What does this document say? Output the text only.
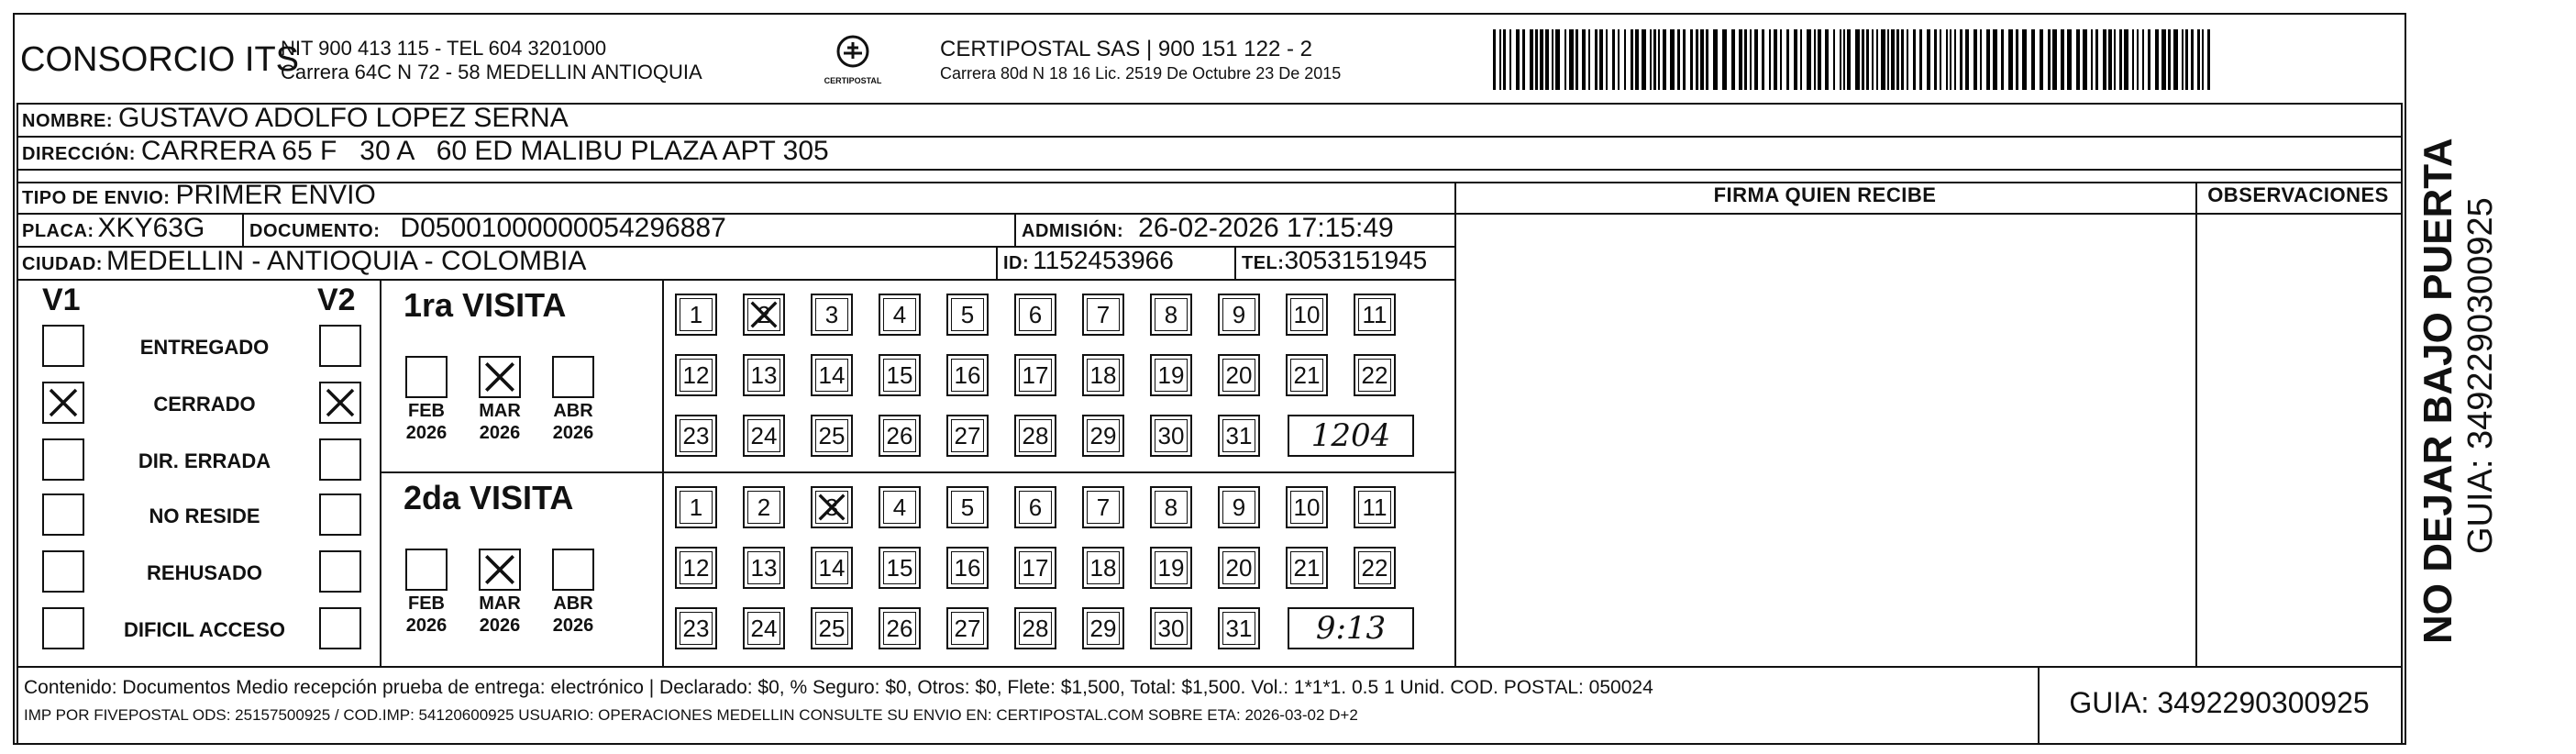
CONSORCIO ITS
NIT 900 413 115 - TEL 604 3201000
Carrera 64C N 72 - 58 MEDELLIN ANTIOQUIA	CERTIPOSTAL
CERTIPOSTAL SAS | 900 151 122 - 2
Carrera 80d N 18 16 Lic. 2519 De Octubre 23 De 2015
NOMBRE: GUSTAVO ADOLFO LOPEZ SERNA
DIRECCIÓN: CARRERA 65 F   30 A   60 ED MALIBU PLAZA APT 305
TIPO DE ENVIO: PRIMER ENVIO
PLACA: XKY63G DOCUMENTO: D05001000000054296887	ADMISIÓN: 26-02-2026 17:15:49
CIUDAD: MEDELLIN - ANTIOQUIA - COLOMBIA	ID: 1152453966	TEL: 3053151945
FIRMA QUIEN RECIBE	OBSERVACIONES
V1	V2
ENTREGADO
CERRADO
DIR. ERRADA
NO RESIDE
REHUSADO
DIFICIL ACCESO
1ra VISITA
FEB
2026
MAR
2026
ABR
2026
1 2 3 4 5 6 7 8 9 10 11
12 13 14 15 16 17 18 19 20 21 22
23 24 25 26 27 28 29 30 31	1204
2da VISITA
FEB
2026
MAR
2026
ABR
2026
1 2 3 4 5 6 7 8 9 10 11
12 13 14 15 16 17 18 19 20 21 22
23 24 25 26 27 28 29 30 31	9:13
Contenido: Documentos Medio recepción prueba de entrega: electrónico | Declarado: $0, % Seguro: $0, Otros: $0, Flete: $1,500, Total: $1,500. Vol.: 1*1*1. 0.5 1 Unid. COD. POSTAL: 050024
IMP POR FIVEPOSTAL ODS: 25157500925 / COD.IMP: 54120600925 USUARIO: OPERACIONES MEDELLIN CONSULTE SU ENVIO EN: CERTIPOSTAL.COM SOBRE ETA: 2026-03-02 D+2	GUIA: 3492290300925
NO DEJAR BAJO PUERTA GUIA: 3492290300925
